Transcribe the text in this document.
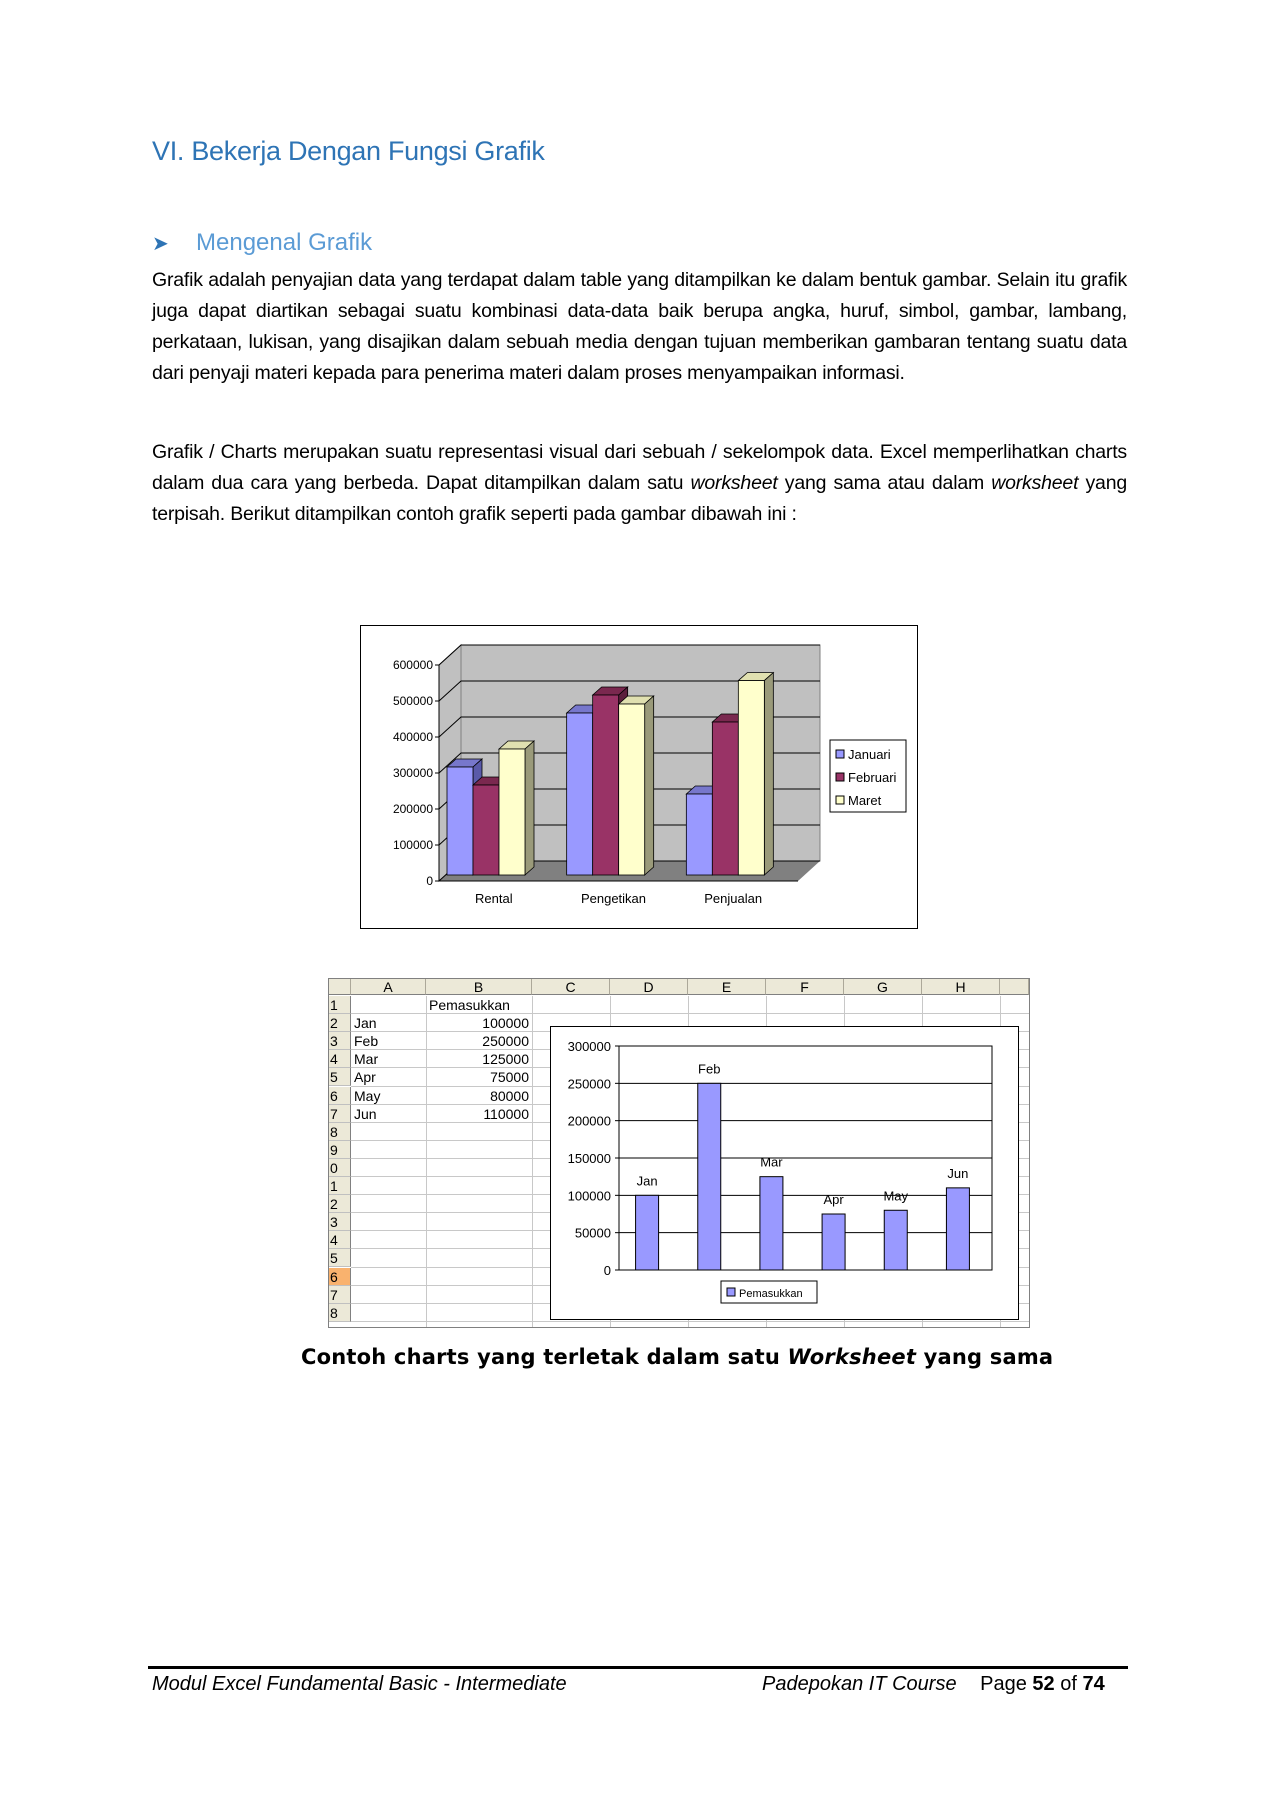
VI. Bekerja Dengan Fungsi Grafik
➤	Mengenal Grafik
Grafik adalah penyajian data yang terdapat dalam table yang ditampilkan ke dalam bentuk gambar. Selain itu grafik juga dapat diartikan sebagai suatu kombinasi data-data baik berupa angka, huruf, simbol, gambar, lambang, perkataan, lukisan, yang disajikan dalam sebuah media dengan tujuan memberikan gambaran tentang suatu data dari penyaji materi kepada para penerima materi dalam proses menyampaikan informasi.
Grafik / Charts merupakan suatu representasi visual dari sebuah / sekelompok data. Excel memperlihatkan charts dalam dua cara yang berbeda. Dapat ditampilkan dalam satu worksheet yang sama atau dalam worksheet yang terpisah. Berikut ditampilkan contoh grafik seperti pada gambar dibawah ini :
0
100000
200000
300000
400000
500000
600000
Rental	Pengetikan	Penjualan
Januari
Februari
Maret
A	B	C	D	E	F	G	H
1
2
3
4
5
6
7
8
9
0
1
2
3
4
5
6
7
8
Pemasukkan
Jan	100000
Feb	250000
Mar	125000
Apr	75000
May	80000
Jun	110000
Contoh charts yang terletak dalam satu Worksheet yang sama
Modul Excel Fundamental Basic - Intermediate	Padepokan IT Course Page 52 of 74
0
50000
100000
150000
200000
250000
300000
Jan
Feb
Mar
Apr	May
Jun
Pemasukkan
